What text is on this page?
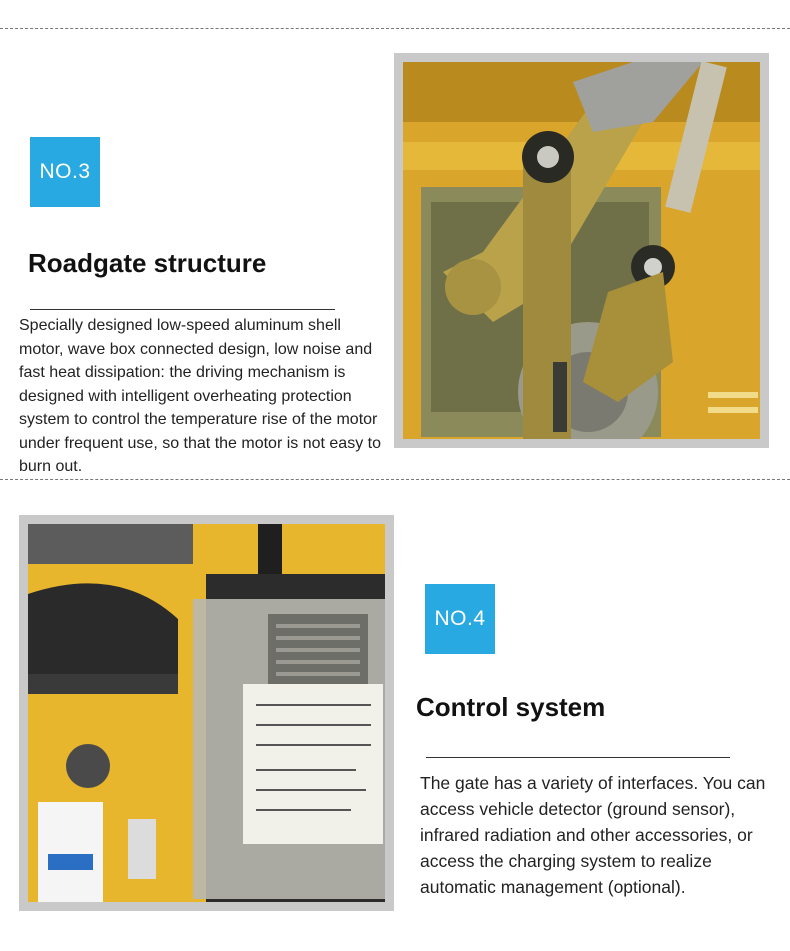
NO.3
Roadgate structure
Specially designed low-speed aluminum shell motor, wave box connected design, low noise and fast heat dissipation: the driving mechanism is designed with intelligent overheating protection system to control the temperature rise of the motor under frequent use, so that the motor is not easy to burn out.
NO.4
Control system
The gate has a variety of interfaces. You can access vehicle detector (ground sensor), infrared radiation and other accessories, or access the charging system to realize automatic management (optional).
